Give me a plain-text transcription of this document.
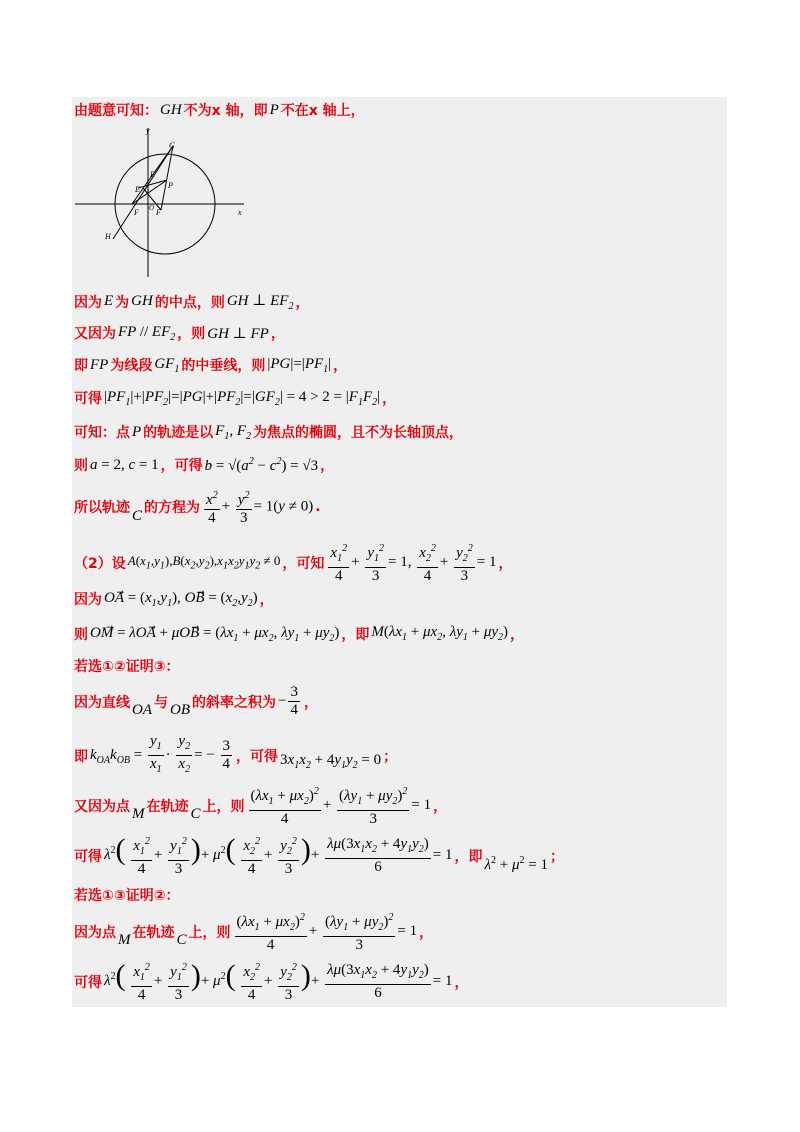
由题意可知： GH 不为x 轴，即 P 不在x 轴上，
y
x
G
E
E	P
H
F F
O
因为 E 为 GH 的中点，则 GH ⊥ $EF_2$ ，
又因为 FP // $EF_2$ ，则 GH ⊥ FP ，
即 FP 为线段 $GF_1$ 的中垂线，则 $|PG|=|PF_1|$ ，
可得 $|PF_1|+|PF_2|=|PG|+|PF_2|=|GF_2| = 4 > 2 = |F_1F_2|$ ，
可知：点 P 的轨迹是以 $F_1$, $F_2$ 为焦点的椭圆，且不为长轴顶点，
则 a = 2, c = 1 ，可得 $b = √(a^2 - c^2) = √3$ ，
所以轨迹 C 的方程为 $\frac{x^2}{4} + \frac{y^2}{3} = 1(y \ne 0)$ .
（2）设 $A(x_1,y_1),B(x_2,y_2),x_1x_2y_1y_2 \ne 0$ ，可知 $\frac{x_1^2}{4} + \frac{y_1^2}{3} = 1$, $\frac{x_2^2}{4} + \frac{y_2^2}{3} = 1$ ，
因为 OA⃗ = $(x_1,y_1)$, OB⃗ = $(x_2,y_2)$ ，
则 OM⃗ = λOA⃗ + μOB⃗ = ($\lambda x_1 + \mu x_2$, $\lambda y_1 + \mu y_2$) ，即 $M(\lambda x_1 + \mu x_2$, $\lambda y_1 + \mu y_2$) ，
若选①②证明③：
因为直线 OA 与 OB 的斜率之积为 − $\frac{3}{4}$ ，
即 $k_{OA}k_{OB} = \frac{y_1}{x_1} \cdot \frac{y_2}{x_2}$ = − $\frac{3}{4}$ ，可得 $3x_1x_2 + 4y_1y_2 = 0$ ；
又因为点 M 在轨迹 C 上，则 $\frac{(\lambda x_1 + \mu x_2)^2}{4} + \frac{(\lambda y_1 + \mu y_2)^2}{3} = 1$ ，
可得 $\lambda^2( \frac{x_1^2}{4} + \frac{y_1^2}{3}$ )+ $\mu^2( \frac{x_2^2}{4} + \frac{y_2^2}{3}$ )+ $\frac{\lambda\mu(3x_1x_2 + 4y_1y_2)}{6} = 1$ ，即
$\lambda^2 + \mu^2 = 1$
；
若选①③证明②：
因为点 M 在轨迹 C 上，则 $\frac{(\lambda x_1 + \mu x_2)^2}{4} + \frac{(\lambda y_1 + \mu y_2)^2}{3} = 1$ ，
可得 $\lambda^2( \frac{x_1^2}{4} + \frac{y_1^2}{3}$ )+ $\mu^2( \frac{x_2^2}{4} + \frac{y_2^2}{3}$ )+ $\frac{\lambda\mu(3x_1x_2 + 4y_1y_2)}{6} = 1$ ，
